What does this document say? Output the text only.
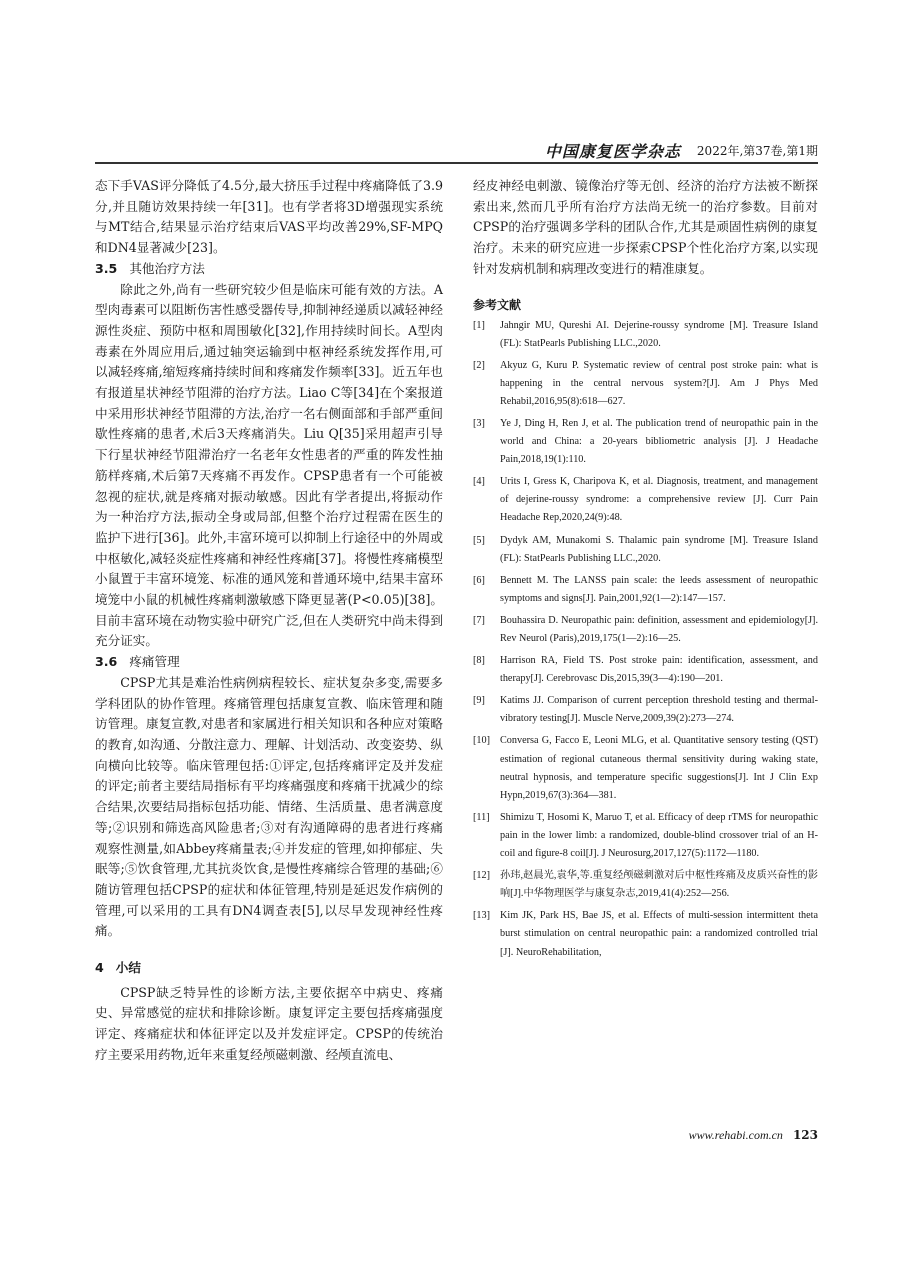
中国康复医学杂志 2022年,第37卷,第1期

态下手VAS评分降低了4.5分,最大挤压手过程中疼痛降低了3.9分,并且随访效果持续一年[31]。也有学者将3D增强现实系统与MT结合,结果显示治疗结束后VAS平均改善29%,SF-MPQ和DN4显著减少[23]。

3.5 其他治疗方法

除此之外,尚有一些研究较少但是临床可能有效的方法。A型肉毒素可以阻断伤害性感受器传导,抑制神经递质以减轻神经源性炎症、预防中枢和周围敏化[32],作用持续时间长。A型肉毒素在外周应用后,通过轴突运输到中枢神经系统发挥作用,可以减轻疼痛,缩短疼痛持续时间和疼痛发作频率[33]。近五年也有报道星状神经节阻滞的治疗方法。Liao C等[34]在个案报道中采用形状神经节阻滞的方法,治疗一名右侧面部和手部严重间歇性疼痛的患者,术后3天疼痛消失。Liu Q[35]采用超声引导下行星状神经节阻滞治疗一名老年女性患者的严重的阵发性抽筋样疼痛,术后第7天疼痛不再发作。CPSP患者有一个可能被忽视的症状,就是疼痛对振动敏感。因此有学者提出,将振动作为一种治疗方法,振动全身或局部,但整个治疗过程需在医生的监护下进行[36]。此外,丰富环境可以抑制上行途径中的外周或中枢敏化,减轻炎症性疼痛和神经性疼痛[37]。将慢性疼痛模型小鼠置于丰富环境笼、标准的通风笼和普通环境中,结果丰富环境笼中小鼠的机械性疼痛刺激敏感下降更显著(P<0.05)[38]。目前丰富环境在动物实验中研究广泛,但在人类研究中尚未得到充分证实。

3.6 疼痛管理

CPSP尤其是难治性病例病程较长、症状复杂多变,需要多学科团队的协作管理。疼痛管理包括康复宣教、临床管理和随访管理。康复宣教,对患者和家属进行相关知识和各种应对策略的教育,如沟通、分散注意力、理解、计划活动、改变姿势、纵向横向比较等。临床管理包括:①评定,包括疼痛评定及并发症的评定;前者主要结局指标有平均疼痛强度和疼痛干扰减少的综合结果,次要结局指标包括功能、情绪、生活质量、患者满意度等;②识别和筛选高风险患者;③对有沟通障碍的患者进行疼痛观察性测量,如Abbey疼痛量表;④并发症的管理,如抑郁症、失眠等;⑤饮食管理,尤其抗炎饮食,是慢性疼痛综合管理的基础;⑥随访管理包括CPSP的症状和体征管理,特别是延迟发作病例的管理,可以采用的工具有DN4调查表[5],以尽早发现神经性疼痛。

4 小结

CPSP缺乏特异性的诊断方法,主要依据卒中病史、疼痛史、异常感觉的症状和排除诊断。康复评定主要包括疼痛强度评定、疼痛症状和体征评定以及并发症评定。CPSP的传统治疗主要采用药物,近年来重复经颅磁刺激、经颅直流电、

经皮神经电刺激、镜像治疗等无创、经济的治疗方法被不断探索出来,然而几乎所有治疗方法尚无统一的治疗参数。目前对CPSP的治疗强调多学科的团队合作,尤其是顽固性病例的康复治疗。未来的研究应进一步探索CPSP个性化治疗方案,以实现针对发病机制和病理改变进行的精准康复。

参考文献
[1]	Jahngir MU, Qureshi AI. Dejerine-roussy syndrome [M]. Treasure Island (FL): StatPearls Publishing LLC.,2020.
[2]	Akyuz G, Kuru P. Systematic review of central post stroke pain: what is happening in the central nervous system?[J]. Am J Phys Med Rehabil,2016,95(8):618—627.
[3]	Ye J, Ding H, Ren J, et al. The publication trend of neuropathic pain in the world and China: a 20-years bibliometric analysis [J]. J Headache Pain,2018,19(1):110.
[4]	Urits I, Gress K, Charipova K, et al. Diagnosis, treatment, and management of dejerine-roussy syndrome: a comprehensive review [J]. Curr Pain Headache Rep,2020,24(9):48.
[5]	Dydyk AM, Munakomi S. Thalamic pain syndrome [M]. Treasure Island (FL): StatPearls Publishing LLC.,2020.
[6]	Bennett M. The LANSS pain scale: the leeds assessment of neuropathic symptoms and signs[J]. Pain,2001,92(1—2):147—157.
[7]	Bouhassira D. Neuropathic pain: definition, assessment and epidemiology[J]. Rev Neurol (Paris),2019,175(1—2):16—25.
[8]	Harrison RA, Field TS. Post stroke pain: identification, assessment, and therapy[J]. Cerebrovasc Dis,2015,39(3—4):190—201.
[9]	Katims JJ. Comparison of current perception threshold testing and thermal-vibratory testing[J]. Muscle Nerve,2009,39(2):273—274.
[10] Conversa G, Facco E, Leoni MLG, et al. Quantitative sensory testing (QST) estimation of regional cutaneous thermal sensitivity during waking state, neutral hypnosis, and temperature specific suggestions[J]. Int J Clin Exp Hypn,2019,67(3):364—381.
[11]	Shimizu T, Hosomi K, Maruo T, et al. Efficacy of deep rTMS for neuropathic pain in the lower limb: a randomized, double-blind crossover trial of an H-coil and figure-8 coil[J]. J Neurosurg,2017,127(5):1172—1180.
[12] 孙玮,赵晨光,袁华,等.重复经颅磁刺激对后中枢性疼痛及皮质兴奋性的影响[J].中华物理医学与康复杂志,2019,41(4):252—256.
[13] Kim JK, Park HS, Bae JS, et al. Effects of multi-session intermittent theta burst stimulation on central neuropathic pain: a randomized controlled trial [J]. NeuroRehabilitation,
www.rehabi.com.cn 123
